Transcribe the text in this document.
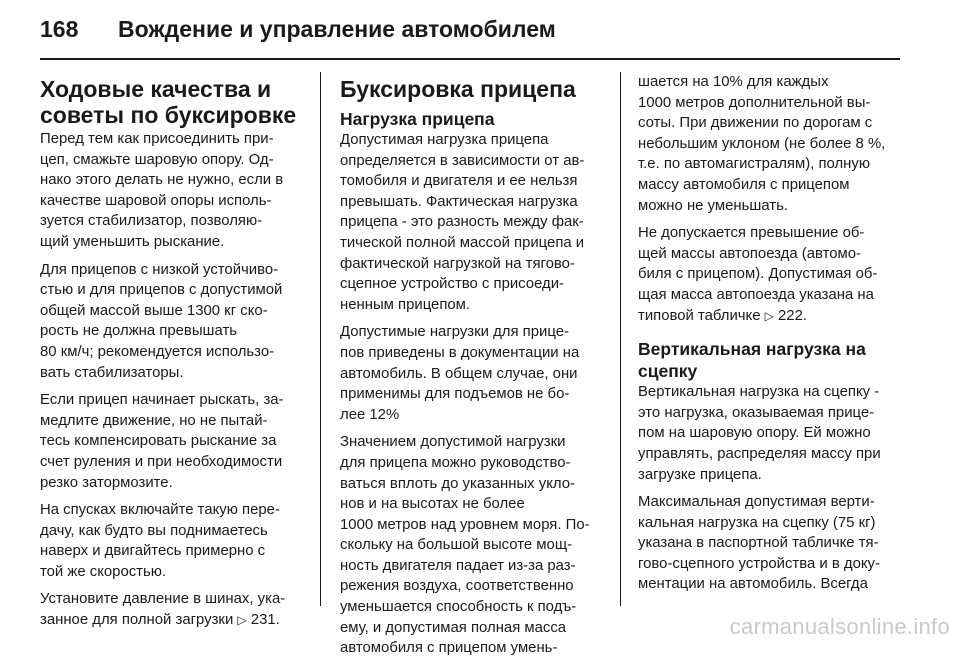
168	Вождение и управление автомобилем
Ходовые качества и
советы по буксировке

Перед тем как присоединить при-
цеп, смажьте шаровую опору. Од-
нако этого делать не нужно, если в
качестве шаровой опоры исполь-
зуется стабилизатор, позволяю-
щий уменьшить рыскание.

Для прицепов с низкой устойчиво-
стью и для прицепов с допустимой
общей массой выше 1300 кг ско-
рость не должна превышать
80 км/ч; рекомендуется использо-
вать стабилизаторы.

Если прицеп начинает рыскать, за-
медлите движение, но не пытай-
тесь компенсировать рыскание за
счет руления и при необходимости
резко затормозите.

На спусках включайте такую пере-
дачу, как будто вы поднимаетесь
наверх и двигайтесь примерно с
той же скоростью.

Установите давление в шинах, ука-
занное для полной загрузки ▷ 231.

Буксировка прицепа
Нагрузка прицепа

Допустимая нагрузка прицепа
определяется в зависимости от ав-
томобиля и двигателя и ее нельзя
превышать. Фактическая нагрузка
прицепа - это разность между фак-
тической полной массой прицепа и
фактической нагрузкой на тягово-
сцепное устройство с присоеди-
ненным прицепом.

Допустимые нагрузки для прице-
пов приведены в документации на
автомобиль. В общем случае, они
применимы для подъемов не бо-
лее 12%

Значением допустимой нагрузки
для прицепа можно руководство-
ваться вплоть до указанных укло-
нов и на высотах не более
1000 метров над уровнем моря. По-
скольку на большой высоте мощ-
ность двигателя падает из-за раз-
режения воздуха, соответственно
уменьшается способность к подъ-
ему, и допустимая полная масса
автомобиля с прицепом умень-

шается на 10% для каждых
1000 метров дополнительной вы-
соты. При движении по дорогам с
небольшим уклоном (не более 8 %,
т.е. по автомагистралям), полную
массу автомобиля с прицепом
можно не уменьшать.

Не допускается превышение об-
щей массы автопоезда (автомо-
биля с прицепом). Допустимая об-
щая масса автопоезда указана на
типовой табличке ▷ 222.

Вертикальная нагрузка на
сцепку

Вертикальная нагрузка на сцепку -
это нагрузка, оказываемая прице-
пом на шаровую опору. Ей можно
управлять, распределяя массу при
загрузке прицепа.

Максимальная допустимая верти-
кальная нагрузка на сцепку (75 кг)
указана в паспортной табличке тя-
гово-сцепного устройства и в доку-
ментации на автомобиль. Всегда

carmanualsonline.info
